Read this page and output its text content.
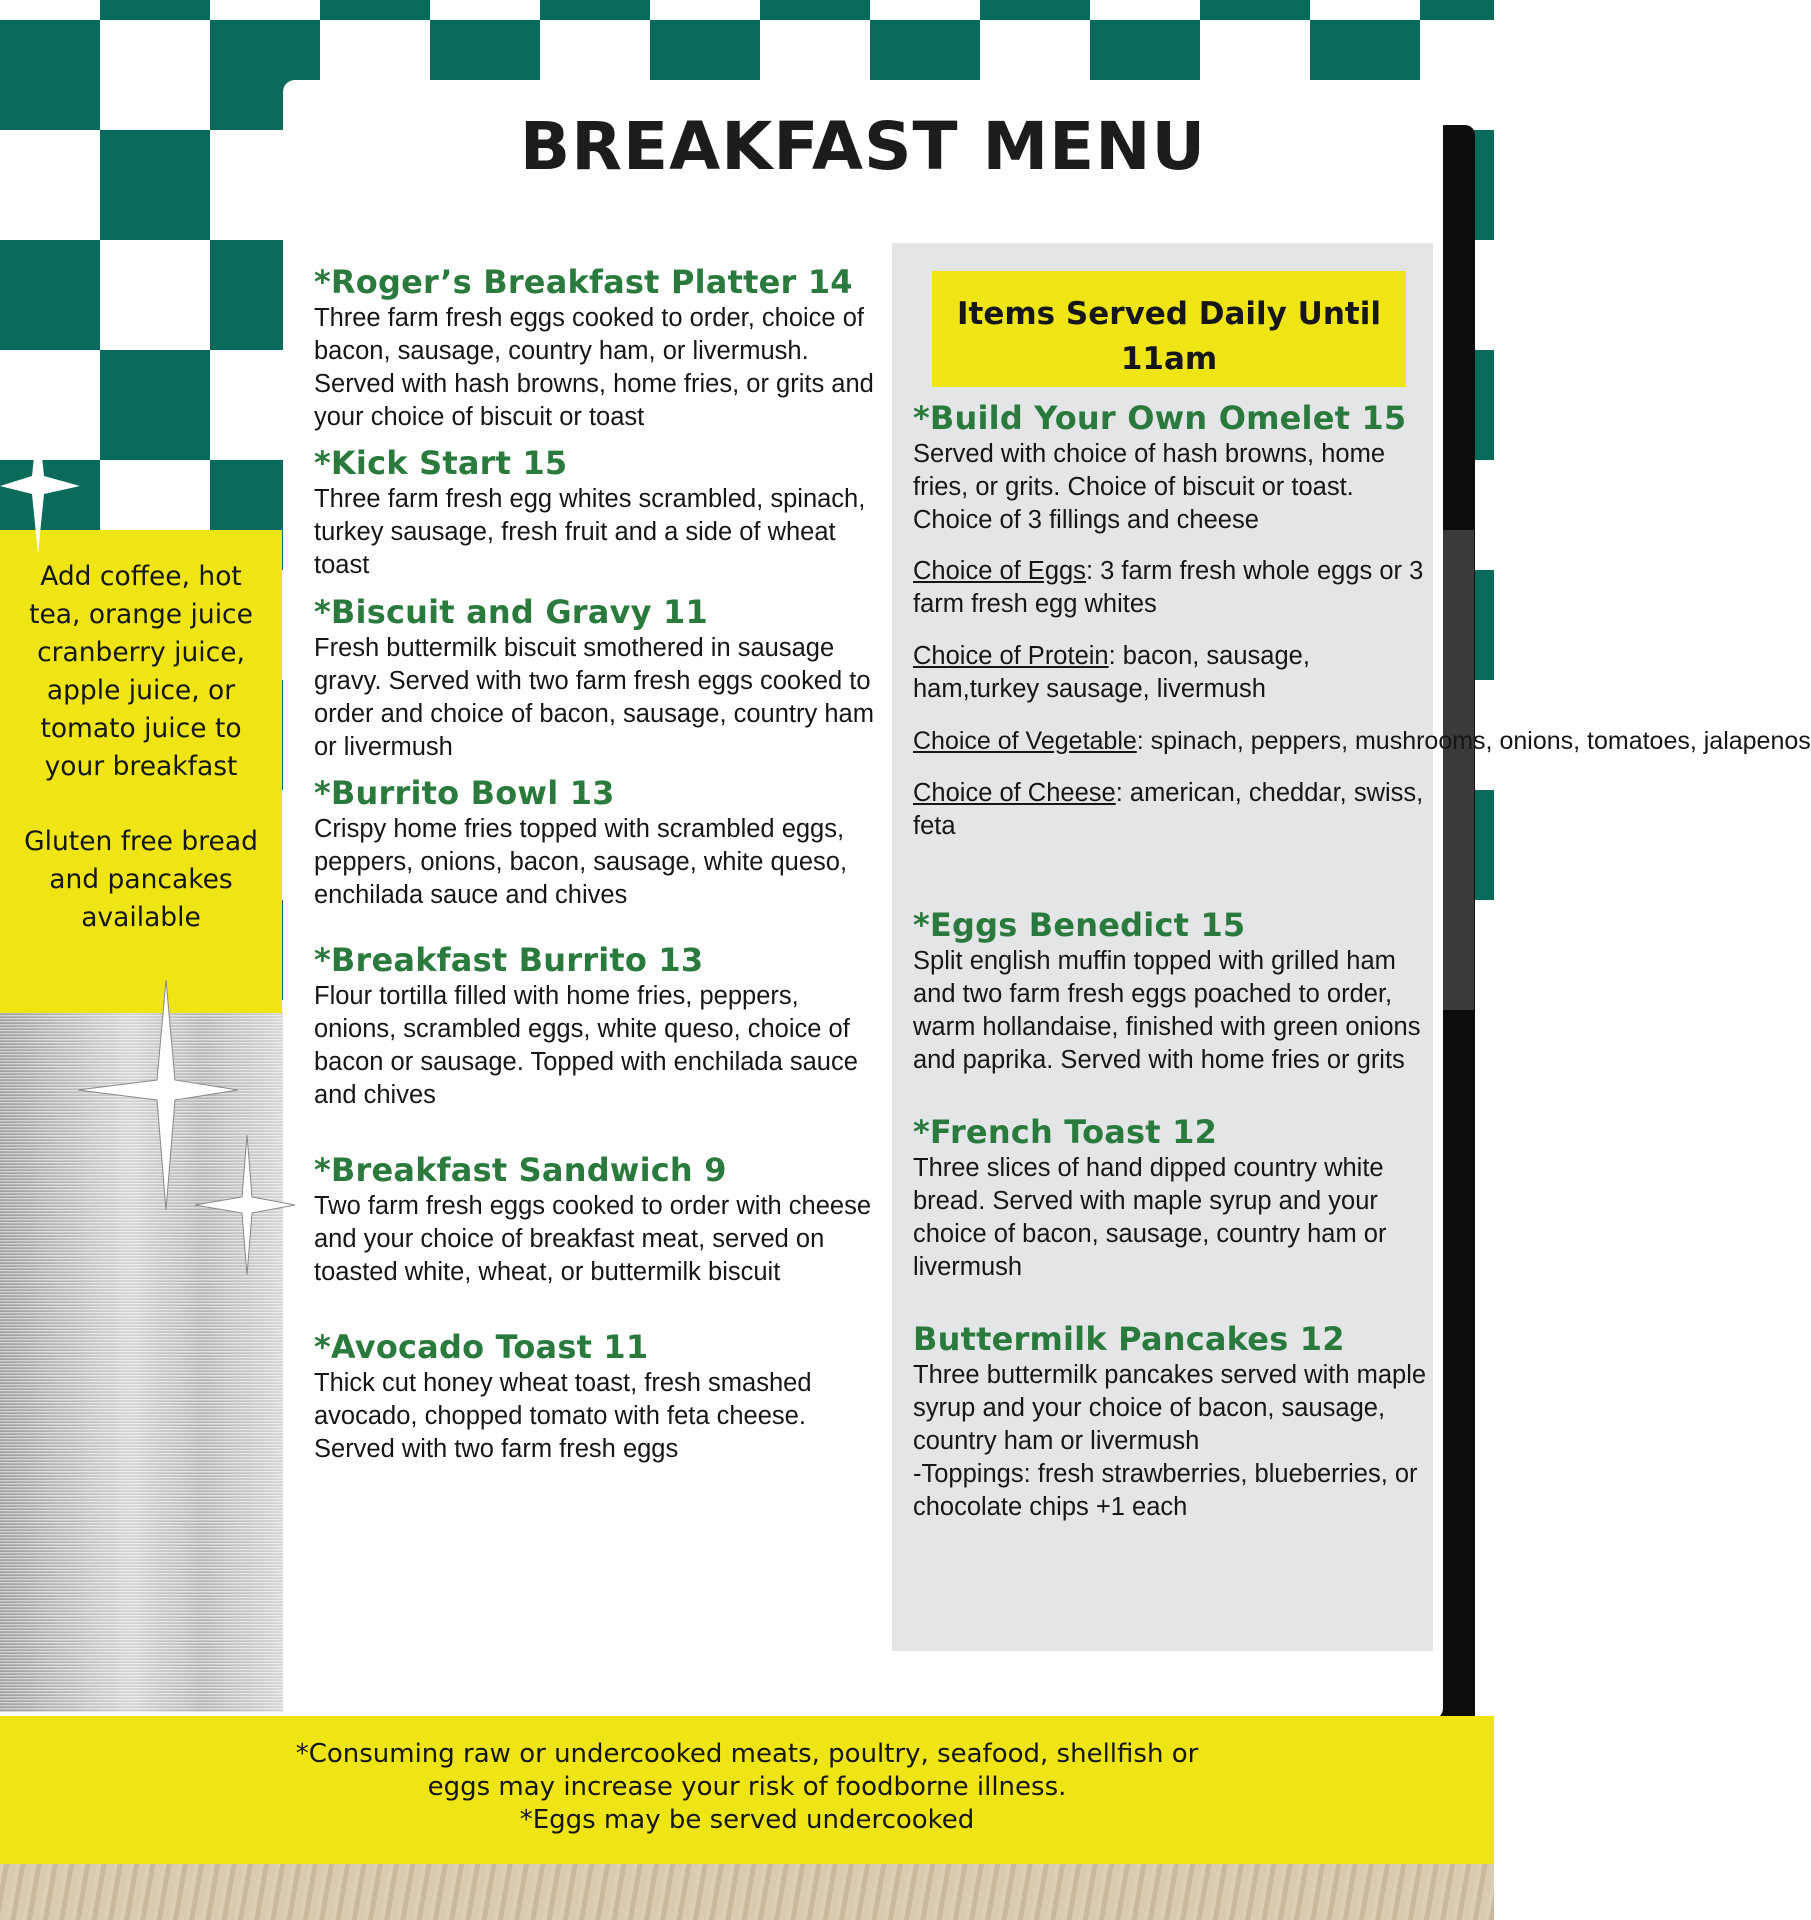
Add coffee, hot tea, orange juice cranberry juice, apple juice, or tomato juice to your breakfast

Gluten free bread and pancakes available

BREAKFAST MENU

*Roger’s Breakfast Platter 14

Three farm fresh eggs cooked to order, choice of bacon, sausage, country ham, or livermush. Served with hash browns, home fries, or grits and your choice of biscuit or toast

*Kick Start 15

Three farm fresh egg whites scrambled, spinach, turkey sausage, fresh fruit and a side of wheat toast

*Biscuit and Gravy 11

Fresh buttermilk biscuit smothered in sausage gravy. Served with two farm fresh eggs cooked to order and choice of bacon, sausage, country ham or livermush

*Burrito Bowl 13

Crispy home fries topped with scrambled eggs, peppers, onions, bacon, sausage, white queso, enchilada sauce and chives

*Breakfast Burrito 13

Flour tortilla filled with home fries, peppers, onions, scrambled eggs, white queso, choice of bacon or sausage. Topped with enchilada sauce and chives

*Breakfast Sandwich 9

Two farm fresh eggs cooked to order with cheese and your choice of breakfast meat, served on toasted white, wheat, or buttermilk biscuit

*Avocado Toast 11

Thick cut honey wheat toast, fresh smashed avocado, chopped tomato with feta cheese. Served with two farm fresh eggs

Items Served Daily Until 11am

*Build Your Own Omelet 15

Served with choice of hash browns, home fries, or grits. Choice of biscuit or toast. Choice of 3 fillings and cheese

Choice of Eggs: 3 farm fresh whole eggs or 3 farm fresh egg whites

Choice of Protein: bacon, sausage, ham,turkey sausage, livermush

Choice of Vegetable: spinach, peppers, mushrooms, onions, tomatoes, jalapenos

Choice of Cheese: american, cheddar, swiss, feta

*Eggs Benedict 15

Split english muffin topped with grilled ham and two farm fresh eggs poached to order, warm hollandaise, finished with green onions and paprika. Served with home fries or grits

*French Toast 12

Three slices of hand dipped country white bread. Served with maple syrup and your choice of bacon, sausage, country ham or livermush

Buttermilk Pancakes 12

Three buttermilk pancakes served with maple syrup and your choice of bacon, sausage, country ham or livermush

-Toppings: fresh strawberries, blueberries, or chocolate chips +1 each

*Consuming raw or undercooked meats, poultry, seafood, shellfish or

eggs may increase your risk of foodborne illness.

*Eggs may be served undercooked
